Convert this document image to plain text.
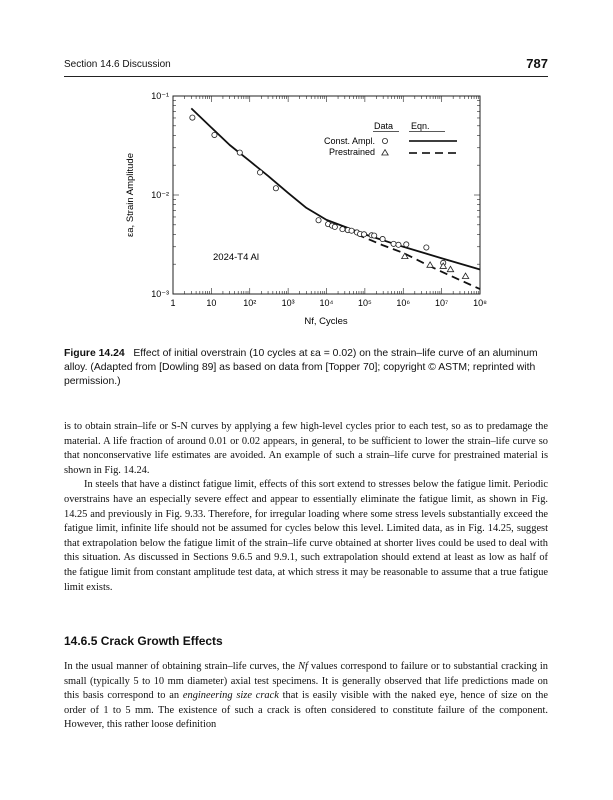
Section 14.6 Discussion	787
1	10	10²	10³	10⁴	10⁵	10⁶	10⁷	10⁸
10⁻³
10⁻²
10⁻¹
Nf, Cycles
εa, Strain Amplitude
2024-T4 Al
Data Eqn.
Const. Ampl.
Prestrained
Figure 14.24 Effect of initial overstrain (10 cycles at εa = 0.02) on the strain–life curve of an aluminum alloy. (Adapted from [Dowling 89] as based on data from [Topper 70]; copyright © ASTM; reprinted with permission.)

is to obtain strain–life or S-N curves by applying a few high-level cycles prior to each test, so as to predamage the material. A life fraction of around 0.01 or 0.02 appears, in general, to be sufficient to lower the strain–life curve so that nonconservative life estimates are avoided. An example of such a strain–life curve for prestrained material is shown in Fig. 14.24.

In steels that have a distinct fatigue limit, effects of this sort extend to stresses below the fatigue limit. Periodic overstrains have an especially severe effect and appear to essentially eliminate the fatigue limit, as shown in Fig. 14.25 and previously in Fig. 9.33. Therefore, for irregular loading where some stress levels substantially exceed the fatigue limit, infinite life should not be assumed for cycles below this level. Limited data, as in Fig. 14.25, suggest that extrapolation below the fatigue limit of the strain–life curve obtained at shorter lives could be used to deal with this situation. As discussed in Sections 9.6.5 and 9.9.1, such extrapolation should extend at least as low as half of the fatigue limit from constant amplitude test data, at which stress it may be reasonable to assume that a true fatigue limit exists.

14.6.5 Crack Growth Effects
In the usual manner of obtaining strain–life curves, the Nf values correspond to failure or to substantial cracking in small (typically 5 to 10 mm diameter) axial test specimens. It is generally observed that life predictions made on this basis correspond to an engineering size crack that is easily visible with the naked eye, hence of size on the order of 1 to 5 mm. The existence of such a crack is often considered to constitute failure of the component. However, this rather loose definition
